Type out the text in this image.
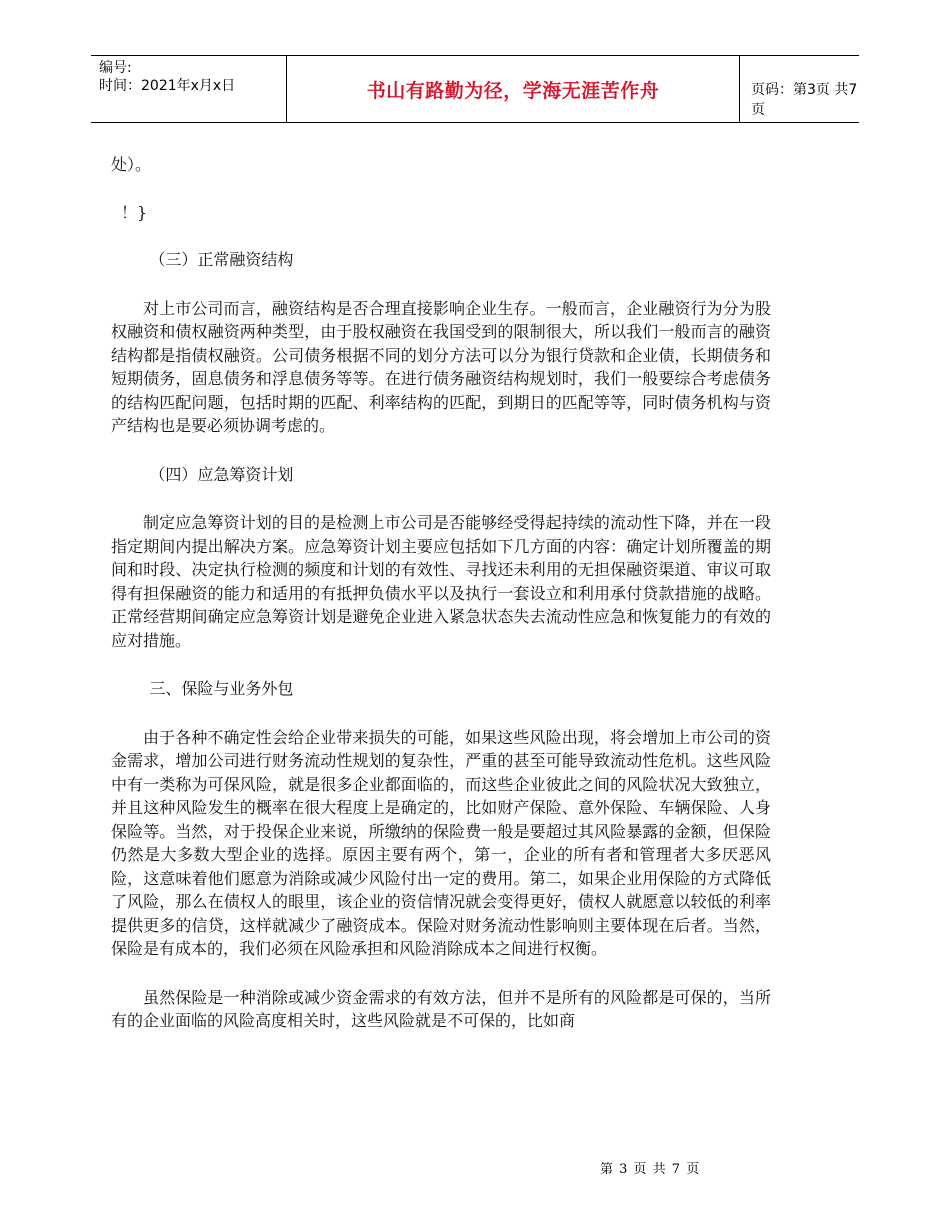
编号:
时间：2021年x月x日	书山有路勤为径，学海无涯苦作舟	页码：第3页 共7页

处）。

！}

（三）正常融资结构

对上市公司而言，融资结构是否合理直接影响企业生存。一般而言，企业融资行为分为股权融资和债权融资两种类型，由于股权融资在我国受到的限制很大，所以我们一般而言的融资结构都是指债权融资。公司债务根据不同的划分方法可以分为银行贷款和企业债，长期债务和短期债务，固息债务和浮息债务等等。在进行债务融资结构规划时，我们一般要综合考虑债务的结构匹配问题，包括时期的匹配、利率结构的匹配，到期日的匹配等等，同时债务机构与资产结构也是要必须协调考虑的。

（四）应急筹资计划

制定应急筹资计划的目的是检测上市公司是否能够经受得起持续的流动性下降，并在一段指定期间内提出解决方案。应急筹资计划主要应包括如下几方面的内容：确定计划所覆盖的期间和时段、决定执行检测的频度和计划的有效性、寻找还未利用的无担保融资渠道、审议可取得有担保融资的能力和适用的有抵押负债水平以及执行一套设立和利用承付贷款措施的战略。正常经营期间确定应急筹资计划是避免企业进入紧急状态失去流动性应急和恢复能力的有效的应对措施。

三、保险与业务外包

由于各种不确定性会给企业带来损失的可能，如果这些风险出现，将会增加上市公司的资金需求，增加公司进行财务流动性规划的复杂性，严重的甚至可能导致流动性危机。这些风险中有一类称为可保风险，就是很多企业都面临的，而这些企业彼此之间的风险状况大致独立，并且这种风险发生的概率在很大程度上是确定的，比如财产保险、意外保险、车辆保险、人身保险等。当然，对于投保企业来说，所缴纳的保险费一般是要超过其风险暴露的金额，但保险仍然是大多数大型企业的选择。原因主要有两个，第一，企业的所有者和管理者大多厌恶风险，这意味着他们愿意为消除或减少风险付出一定的费用。第二，如果企业用保险的方式降低了风险，那么在债权人的眼里，该企业的资信情况就会变得更好，债权人就愿意以较低的利率提供更多的信贷，这样就减少了融资成本。保险对财务流动性影响则主要体现在后者。当然，保险是有成本的，我们必须在风险承担和风险消除成本之间进行权衡。

虽然保险是一种消除或减少资金需求的有效方法，但并不是所有的风险都是可保的，当所有的企业面临的风险高度相关时，这些风险就是不可保的，比如商

第 3 页 共 7 页
